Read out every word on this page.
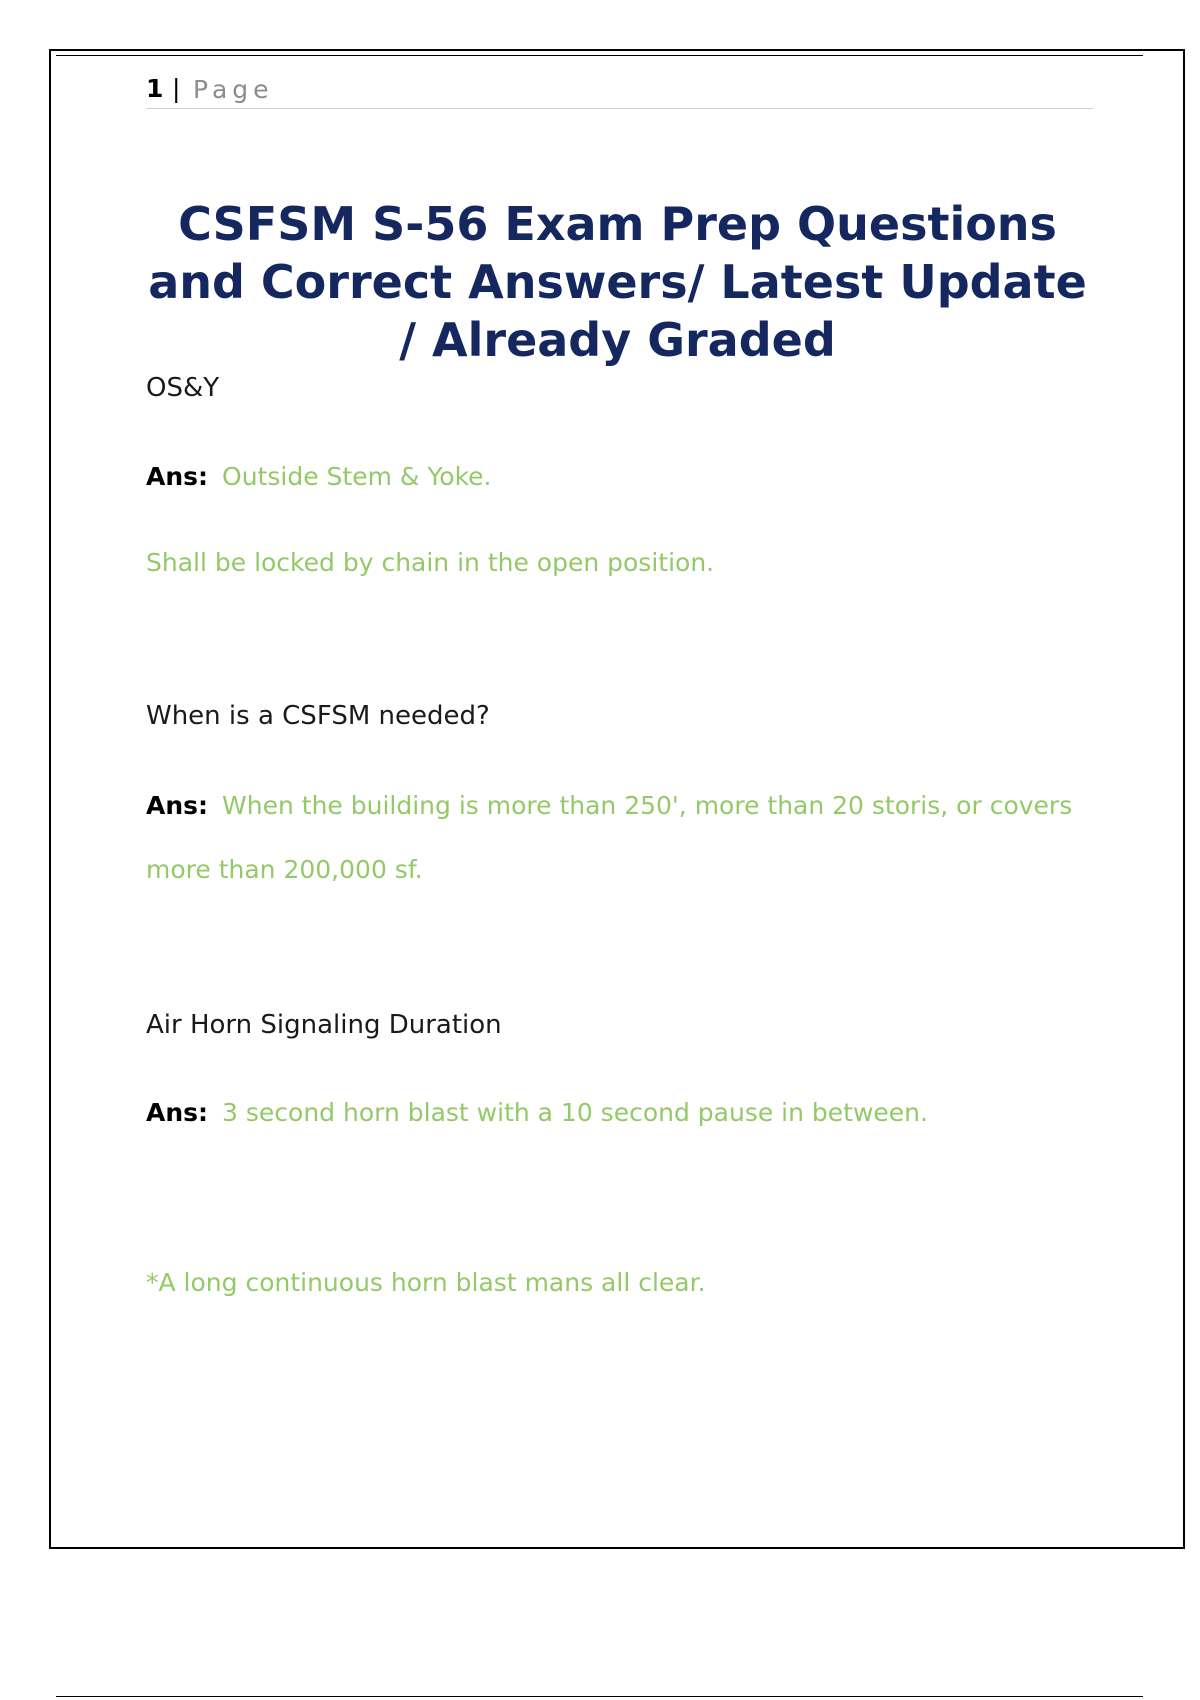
1 | Page
CSFSM S-56 Exam Prep Questions and Correct Answers/ Latest Update / Already Graded
OS&Y
Ans: Outside Stem & Yoke.
Shall be locked by chain in the open position.
When is a CSFSM needed?
Ans: When the building is more than 250', more than 20 storis, or covers more than 200,000 sf.
Air Horn Signaling Duration
Ans: 3 second horn blast with a 10 second pause in between.
*A long continuous horn blast mans all clear.
